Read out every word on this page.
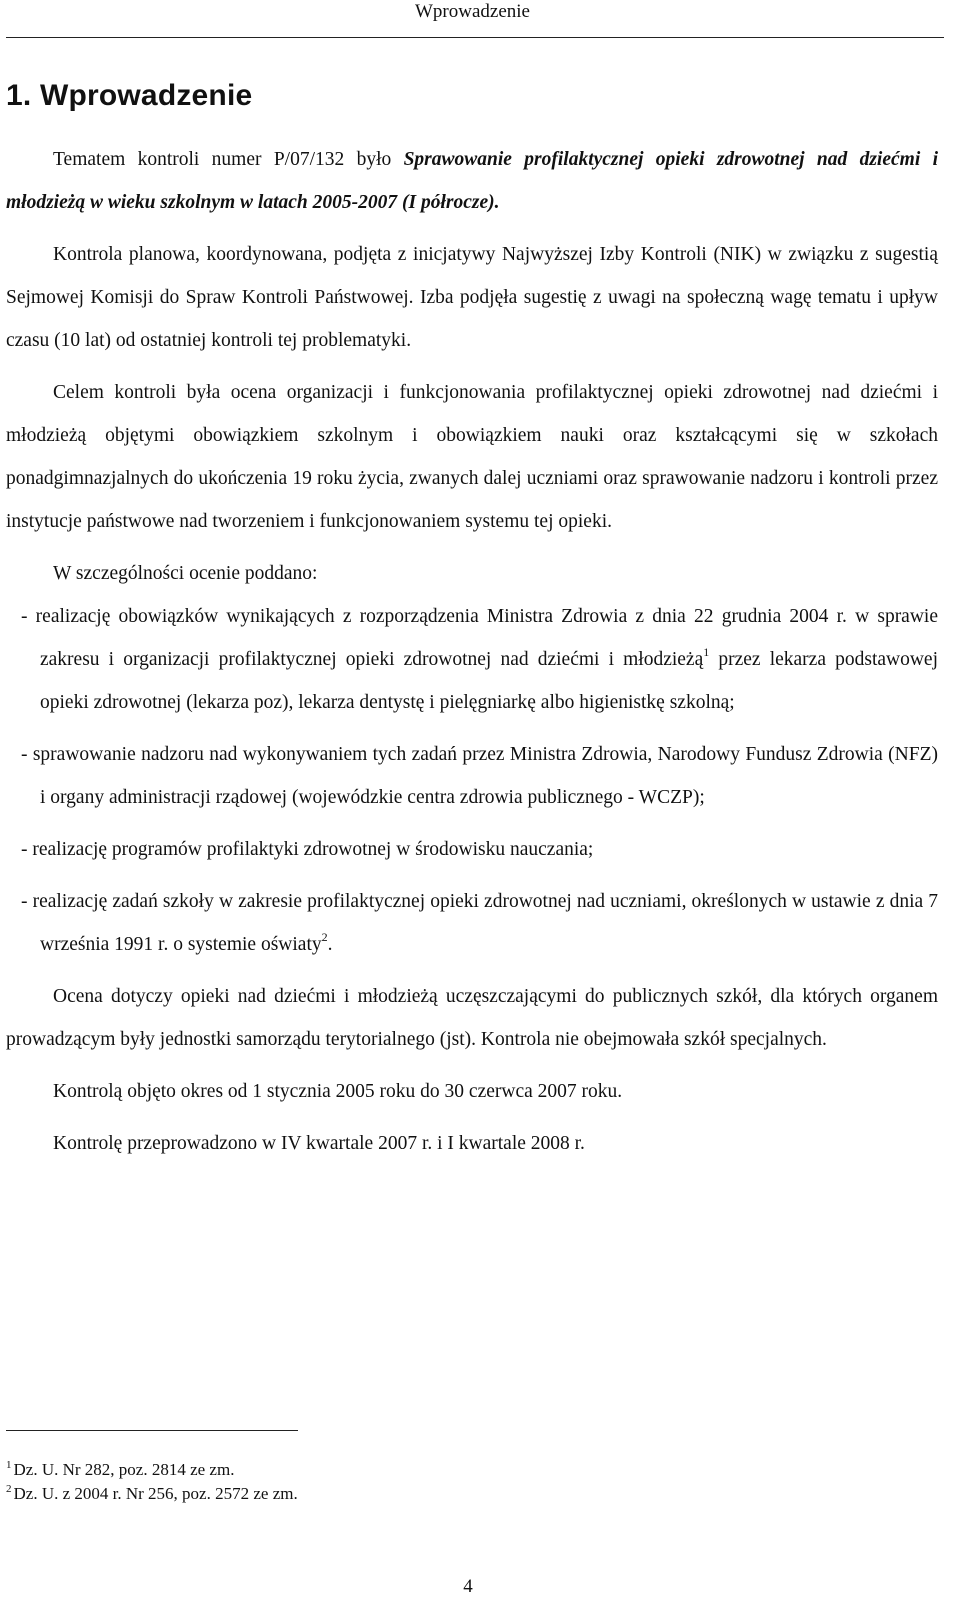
Wprowadzenie
1. Wprowadzenie

Tematem kontroli numer P/07/132 było Sprawowanie profilaktycznej opieki zdrowotnej nad dziećmi i młodzieżą w wieku szkolnym w latach 2005-2007 (I półrocze).

Kontrola planowa, koordynowana, podjęta z inicjatywy Najwyższej Izby Kontroli (NIK) w związku z sugestią Sejmowej Komisji do Spraw Kontroli Państwowej. Izba podjęła sugestię z uwagi na społeczną wagę tematu i upływ czasu (10 lat) od ostatniej kontroli tej problematyki.

Celem kontroli była ocena organizacji i funkcjonowania profilaktycznej opieki zdrowotnej nad dziećmi i młodzieżą objętymi obowiązkiem szkolnym i obowiązkiem nauki oraz kształcącymi się w szkołach ponadgimnazjalnych do ukończenia 19 roku życia, zwanych dalej uczniami oraz sprawowanie nadzoru i kontroli przez instytucje państwowe nad tworzeniem i funkcjonowaniem systemu tej opieki.

W szczególności ocenie poddano:

- realizację obowiązków wynikających z rozporządzenia Ministra Zdrowia z dnia 22 grudnia 2004 r. w sprawie zakresu i organizacji profilaktycznej opieki zdrowotnej nad dziećmi i młodzieżą$^1$ przez lekarza podstawowej opieki zdrowotnej (lekarza poz), lekarza dentystę i pielęgniarkę albo higienistkę szkolną;
- sprawowanie nadzoru nad wykonywaniem tych zadań przez Ministra Zdrowia, Narodowy Fundusz Zdrowia (NFZ) i organy administracji rządowej (wojewódzkie centra zdrowia publicznego - WCZP);
- realizację programów profilaktyki zdrowotnej w środowisku nauczania;
- realizację zadań szkoły w zakresie profilaktycznej opieki zdrowotnej nad uczniami, określonych w ustawie z dnia 7 września 1991 r. o systemie oświaty$^2$.

Ocena dotyczy opieki nad dziećmi i młodzieżą uczęszczającymi do publicznych szkół, dla których organem prowadzącym były jednostki samorządu terytorialnego (jst). Kontrola nie obejmowała szkół specjalnych.

Kontrolą objęto okres od 1 stycznia 2005 roku do 30 czerwca 2007 roku.

Kontrolę przeprowadzono w IV kwartale 2007 r. i I kwartale 2008 r.

$^1$ Dz. U. Nr 282, poz. 2814 ze zm.

$^2$ Dz. U. z 2004 r. Nr 256, poz. 2572 ze zm.

4
